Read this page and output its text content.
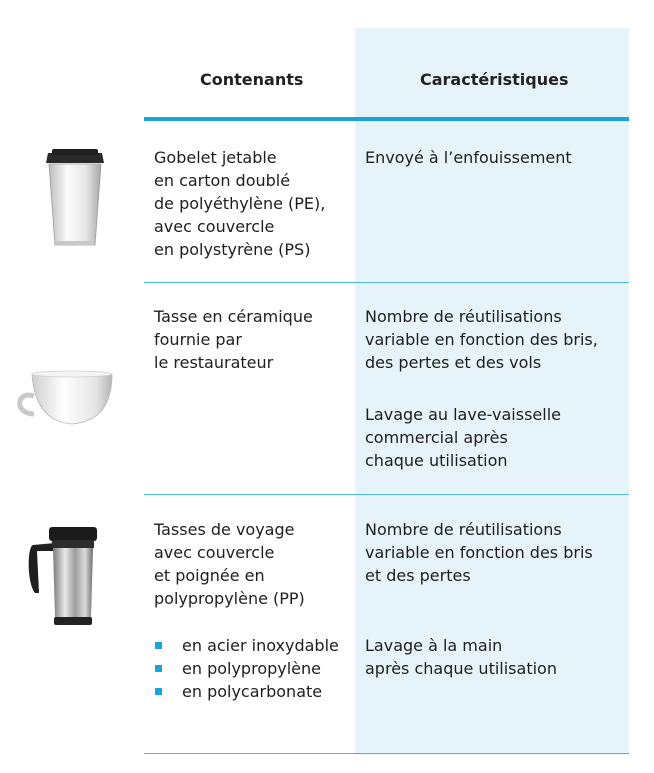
Contenants	Caractéristiques
Gobelet jetable
en carton doublé
de polyéthylène (PE),
avec couvercle
en polystyrène (PS)
Envoyé à l’enfouissement
Tasse en céramique
fournie par
le restaurateur
Nombre de réutilisations
variable en fonction des bris,
des pertes et des vols
Lavage au lave-vaisselle
commercial après
chaque utilisation
Tasses de voyage
avec couvercle
et poignée en
polypropylène (PP)
en acier inoxydable
en polypropylène
en polycarbonate
Nombre de réutilisations
variable en fonction des bris
et des pertes
Lavage à la main
après chaque utilisation
